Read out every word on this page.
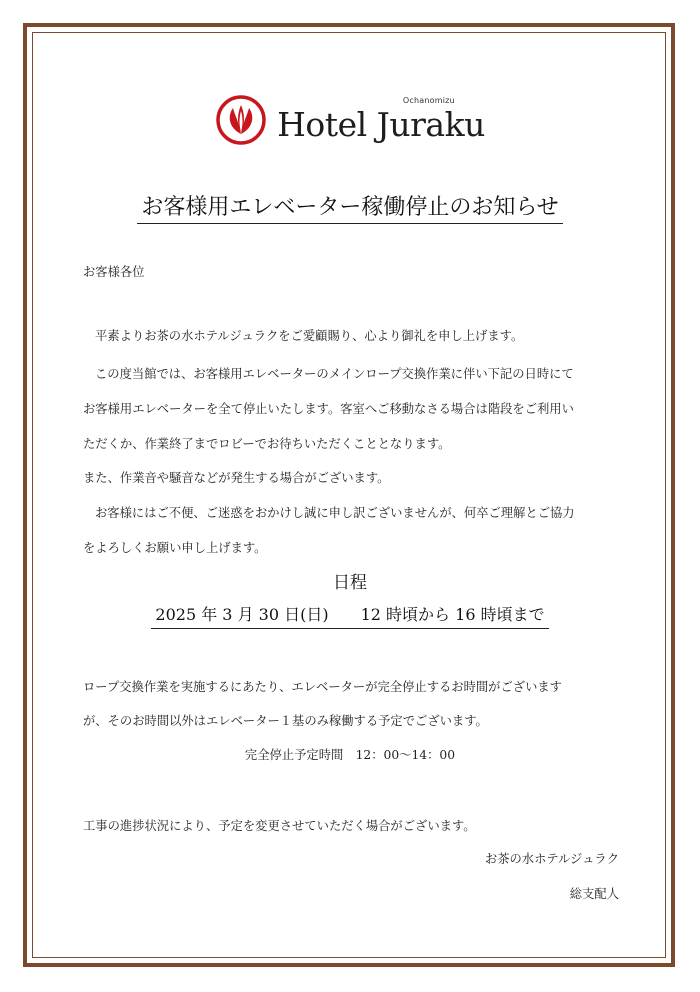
Ochanomizu
Hotel Juraku
お客様用エレベーター稼働停止のお知らせ
お客様各位
平素よりお茶の水ホテルジュラクをご愛顧賜り、心より御礼を申し上げます。
この度当館では、お客様用エレベーターのメインロープ交換作業に伴い下記の日時にて
お客様用エレベーターを全て停止いたします。客室へご移動なさる場合は階段をご利用い
ただくか、作業終了までロビーでお待ちいただくこととなります。
また、作業音や騒音などが発生する場合がございます。
お客様にはご不便、ご迷惑をおかけし誠に申し訳ございませんが、何卒ご理解とご協力
をよろしくお願い申し上げます。
日程
2025 年 3 月 30 日(日)　　 12 時頃から 16 時頃まで
ロープ交換作業を実施するにあたり、エレベーターが完全停止するお時間がございます
が、そのお時間以外はエレベーター１基のみ稼働する予定でございます。
完全停止予定時間　12：00〜14：00
工事の進捗状況により、予定を変更させていただく場合がございます。
お茶の水ホテルジュラク
総支配人
